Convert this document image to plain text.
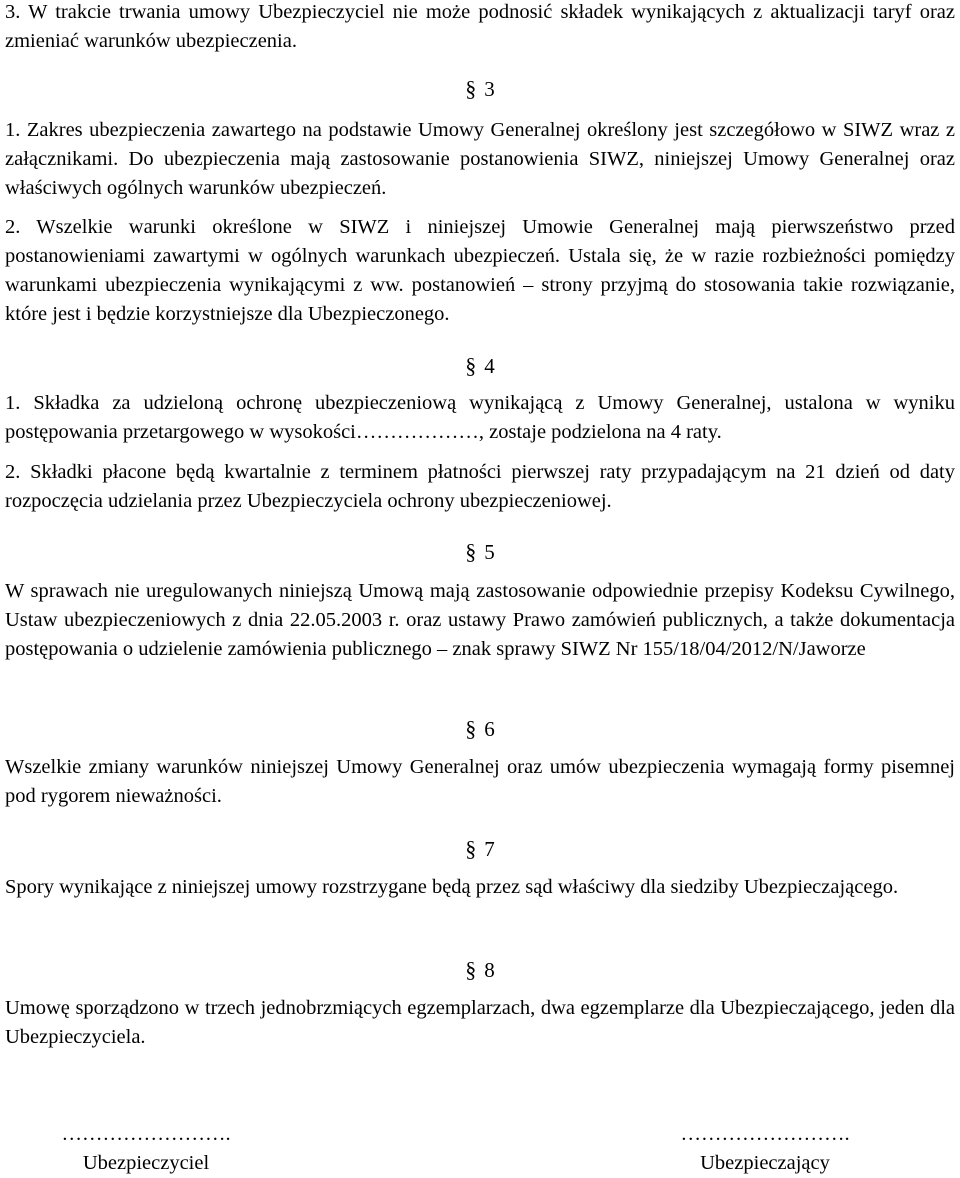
3. W trakcie trwania umowy Ubezpieczyciel nie może podnosić składek wynikających z aktualizacji taryf oraz zmieniać warunków ubezpieczenia.

§ 3

1. Zakres ubezpieczenia zawartego na podstawie Umowy Generalnej określony jest szczegółowo w SIWZ wraz z załącznikami. Do ubezpieczenia mają zastosowanie postanowienia SIWZ, niniejszej Umowy Generalnej oraz właściwych ogólnych warunków ubezpieczeń.

2. Wszelkie warunki określone w SIWZ i niniejszej Umowie Generalnej mają pierwszeństwo przed postanowieniami zawartymi w ogólnych warunkach ubezpieczeń. Ustala się, że w razie rozbieżności pomiędzy warunkami ubezpieczenia wynikającymi z ww. postanowień – strony przyjmą do stosowania takie rozwiązanie, które jest i będzie korzystniejsze dla Ubezpieczonego.

§ 4

1. Składka za udzieloną ochronę ubezpieczeniową wynikającą z Umowy Generalnej, ustalona w wyniku postępowania przetargowego w wysokości………………, zostaje podzielona na 4 raty.

2. Składki płacone będą kwartalnie z terminem płatności pierwszej raty przypadającym na 21 dzień od daty rozpoczęcia udzielania przez Ubezpieczyciela ochrony ubezpieczeniowej.

§ 5

W sprawach nie uregulowanych niniejszą Umową mają zastosowanie odpowiednie przepisy Kodeksu Cywilnego, Ustaw ubezpieczeniowych z dnia 22.05.2003 r. oraz ustawy Prawo zamówień publicznych, a także dokumentacja postępowania o udzielenie zamówienia publicznego – znak sprawy SIWZ Nr 155/18/04/2012/N/Jaworze

§ 6

Wszelkie zmiany warunków niniejszej Umowy Generalnej oraz umów ubezpieczenia wymagają formy pisemnej pod rygorem nieważności.

§ 7

Spory wynikające z niniejszej umowy rozstrzygane będą przez sąd właściwy dla siedziby Ubezpieczającego.

§ 8

Umowę sporządzono w trzech jednobrzmiących egzemplarzach, dwa egzemplarze dla Ubezpieczającego, jeden dla Ubezpieczyciela.

…………………….
Ubezpieczyciel
…………………….
Ubezpieczający
